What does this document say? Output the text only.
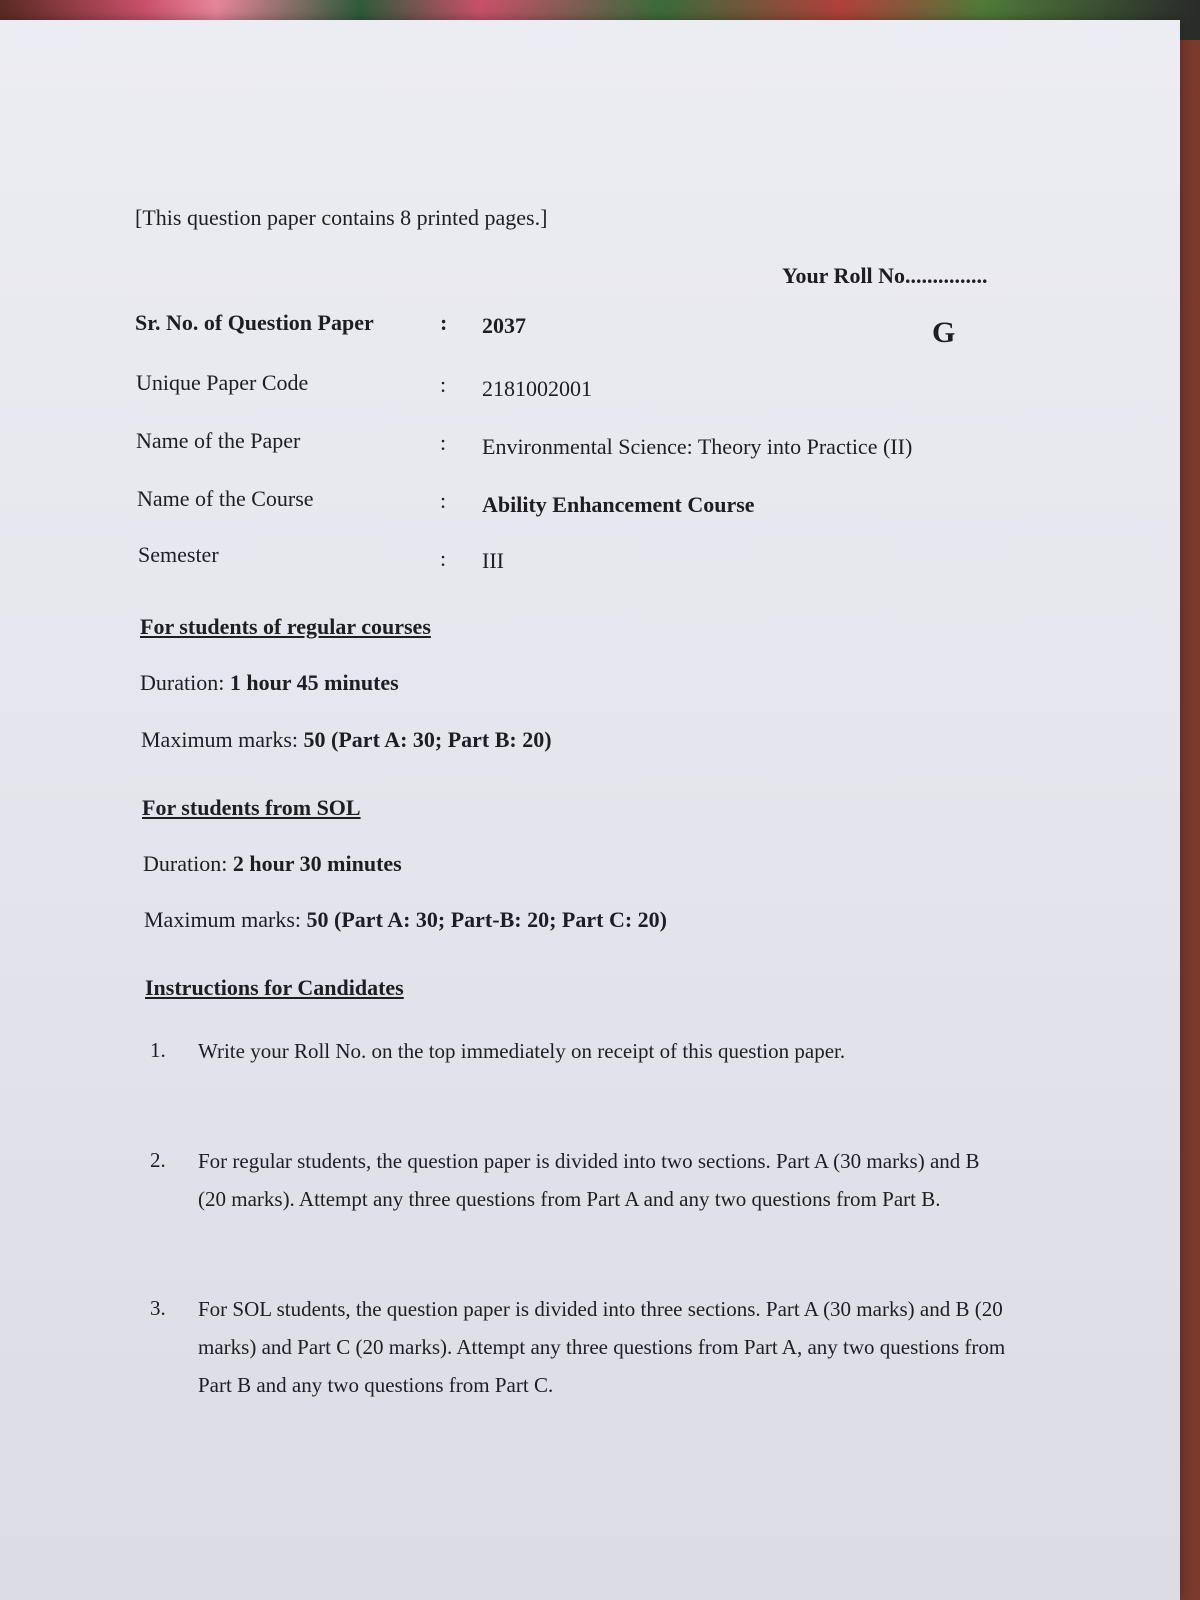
[This question paper contains 8 printed pages.]
Your Roll No...............
Sr. No. of Question Paper	: 2037	G
Unique Paper Code	: 2181002001
Name of the Paper	: Environmental Science: Theory into Practice (II)
Name of the Course	: Ability Enhancement Course
Semester	: III
For students of regular courses
Duration: 1 hour 45 minutes
Maximum marks: 50 (Part A: 30; Part B: 20)
For students from SOL
Duration: 2 hour 30 minutes
Maximum marks: 50 (Part A: 30; Part-B: 20; Part C: 20)
Instructions for Candidates
1. Write your Roll No. on the top immediately on receipt of this question paper.
2. For regular students, the question paper is divided into two sections. Part A (30 marks) and B (20 marks). Attempt any three questions from Part A and any two questions from Part B.
3. For SOL students, the question paper is divided into three sections. Part A (30 marks) and B (20 marks) and Part C (20 marks). Attempt any three questions from Part A, any two questions from Part B and any two questions from Part C.
